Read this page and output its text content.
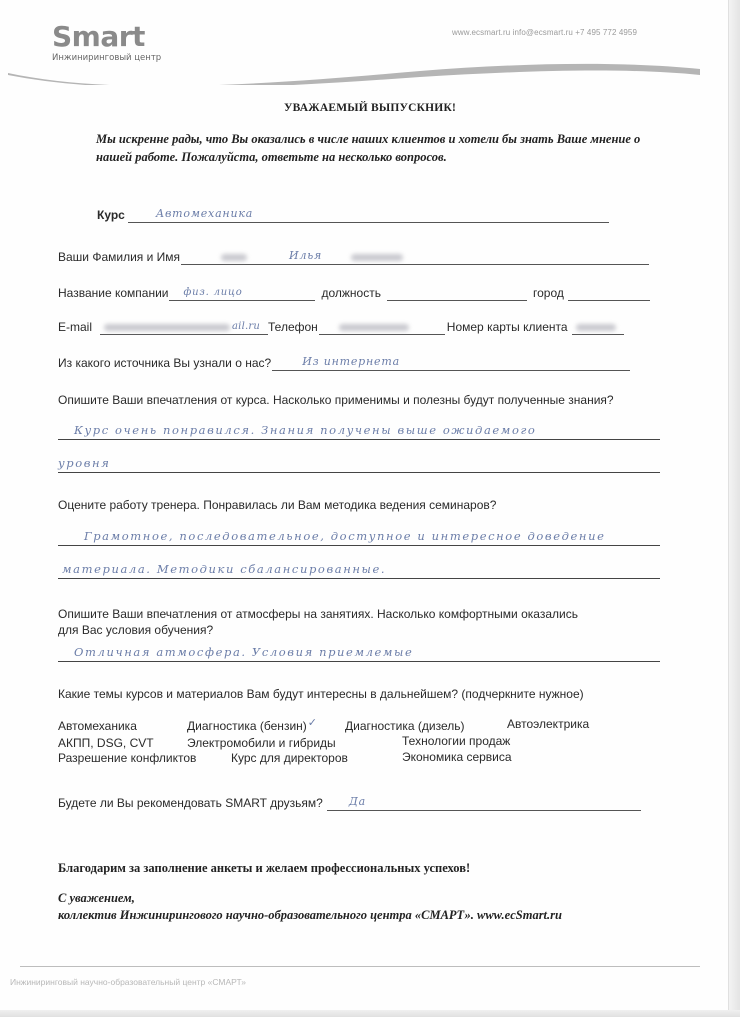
Smart
Инжиниринговый центр
www.ecsmart.ru info@ecsmart.ru +7 495 772 4959
УВАЖАЕМЫЙ ВЫПУСКНИК!
Мы искренне рады, что Вы оказались в числе наших клиентов и хотели бы знать Ваше мнение о нашей работе. Пожалуйста, ответьте на несколько вопросов.
Курс	Автомеханика
Ваши Фамилия и Имя	Илья
Название компании физ. лицо	должность	город
E-mail	ail.ru Телефон	Номер карты клиента
Из какого источника Вы узнали о нас?	Из интернета
Опишите Ваши впечатления от курса. Насколько применимы и полезны будут полученные знания?
Курс очень понравился. Знания получены выше ожидаемого
уровня
Оцените работу тренера. Понравилась ли Вам методика ведения семинаров?
Грамотное, последовательное, доступное и интересное доведение
материала. Методики сбалансированные.
Опишите Ваши впечатления от атмосферы на занятиях. Насколько комфортными оказались
для Вас условия обучения?
Отличная атмосфера. Условия приемлемые
Какие темы курсов и материалов Вам будут интересны в дальнейшем? (подчеркните нужное)
Автомеханика	Диагностика (бензин)✓ Диагностика (дизель)	Автоэлектрика
АКПП, DSG, CVT	Электромобили и гибриды	Технологии продаж
Разрешение конфликтов	Курс для директоров	Экономика сервиса
Будете ли Вы рекомендовать SMART друзьям? Да
Благодарим за заполнение анкеты и желаем профессиональных успехов!
С уважением,
коллектив Инжинирингового научно-образовательного центра «СМАРТ». www.ecSmart.ru
Инжиниринговый научно-образовательный центр «СМАРТ»
